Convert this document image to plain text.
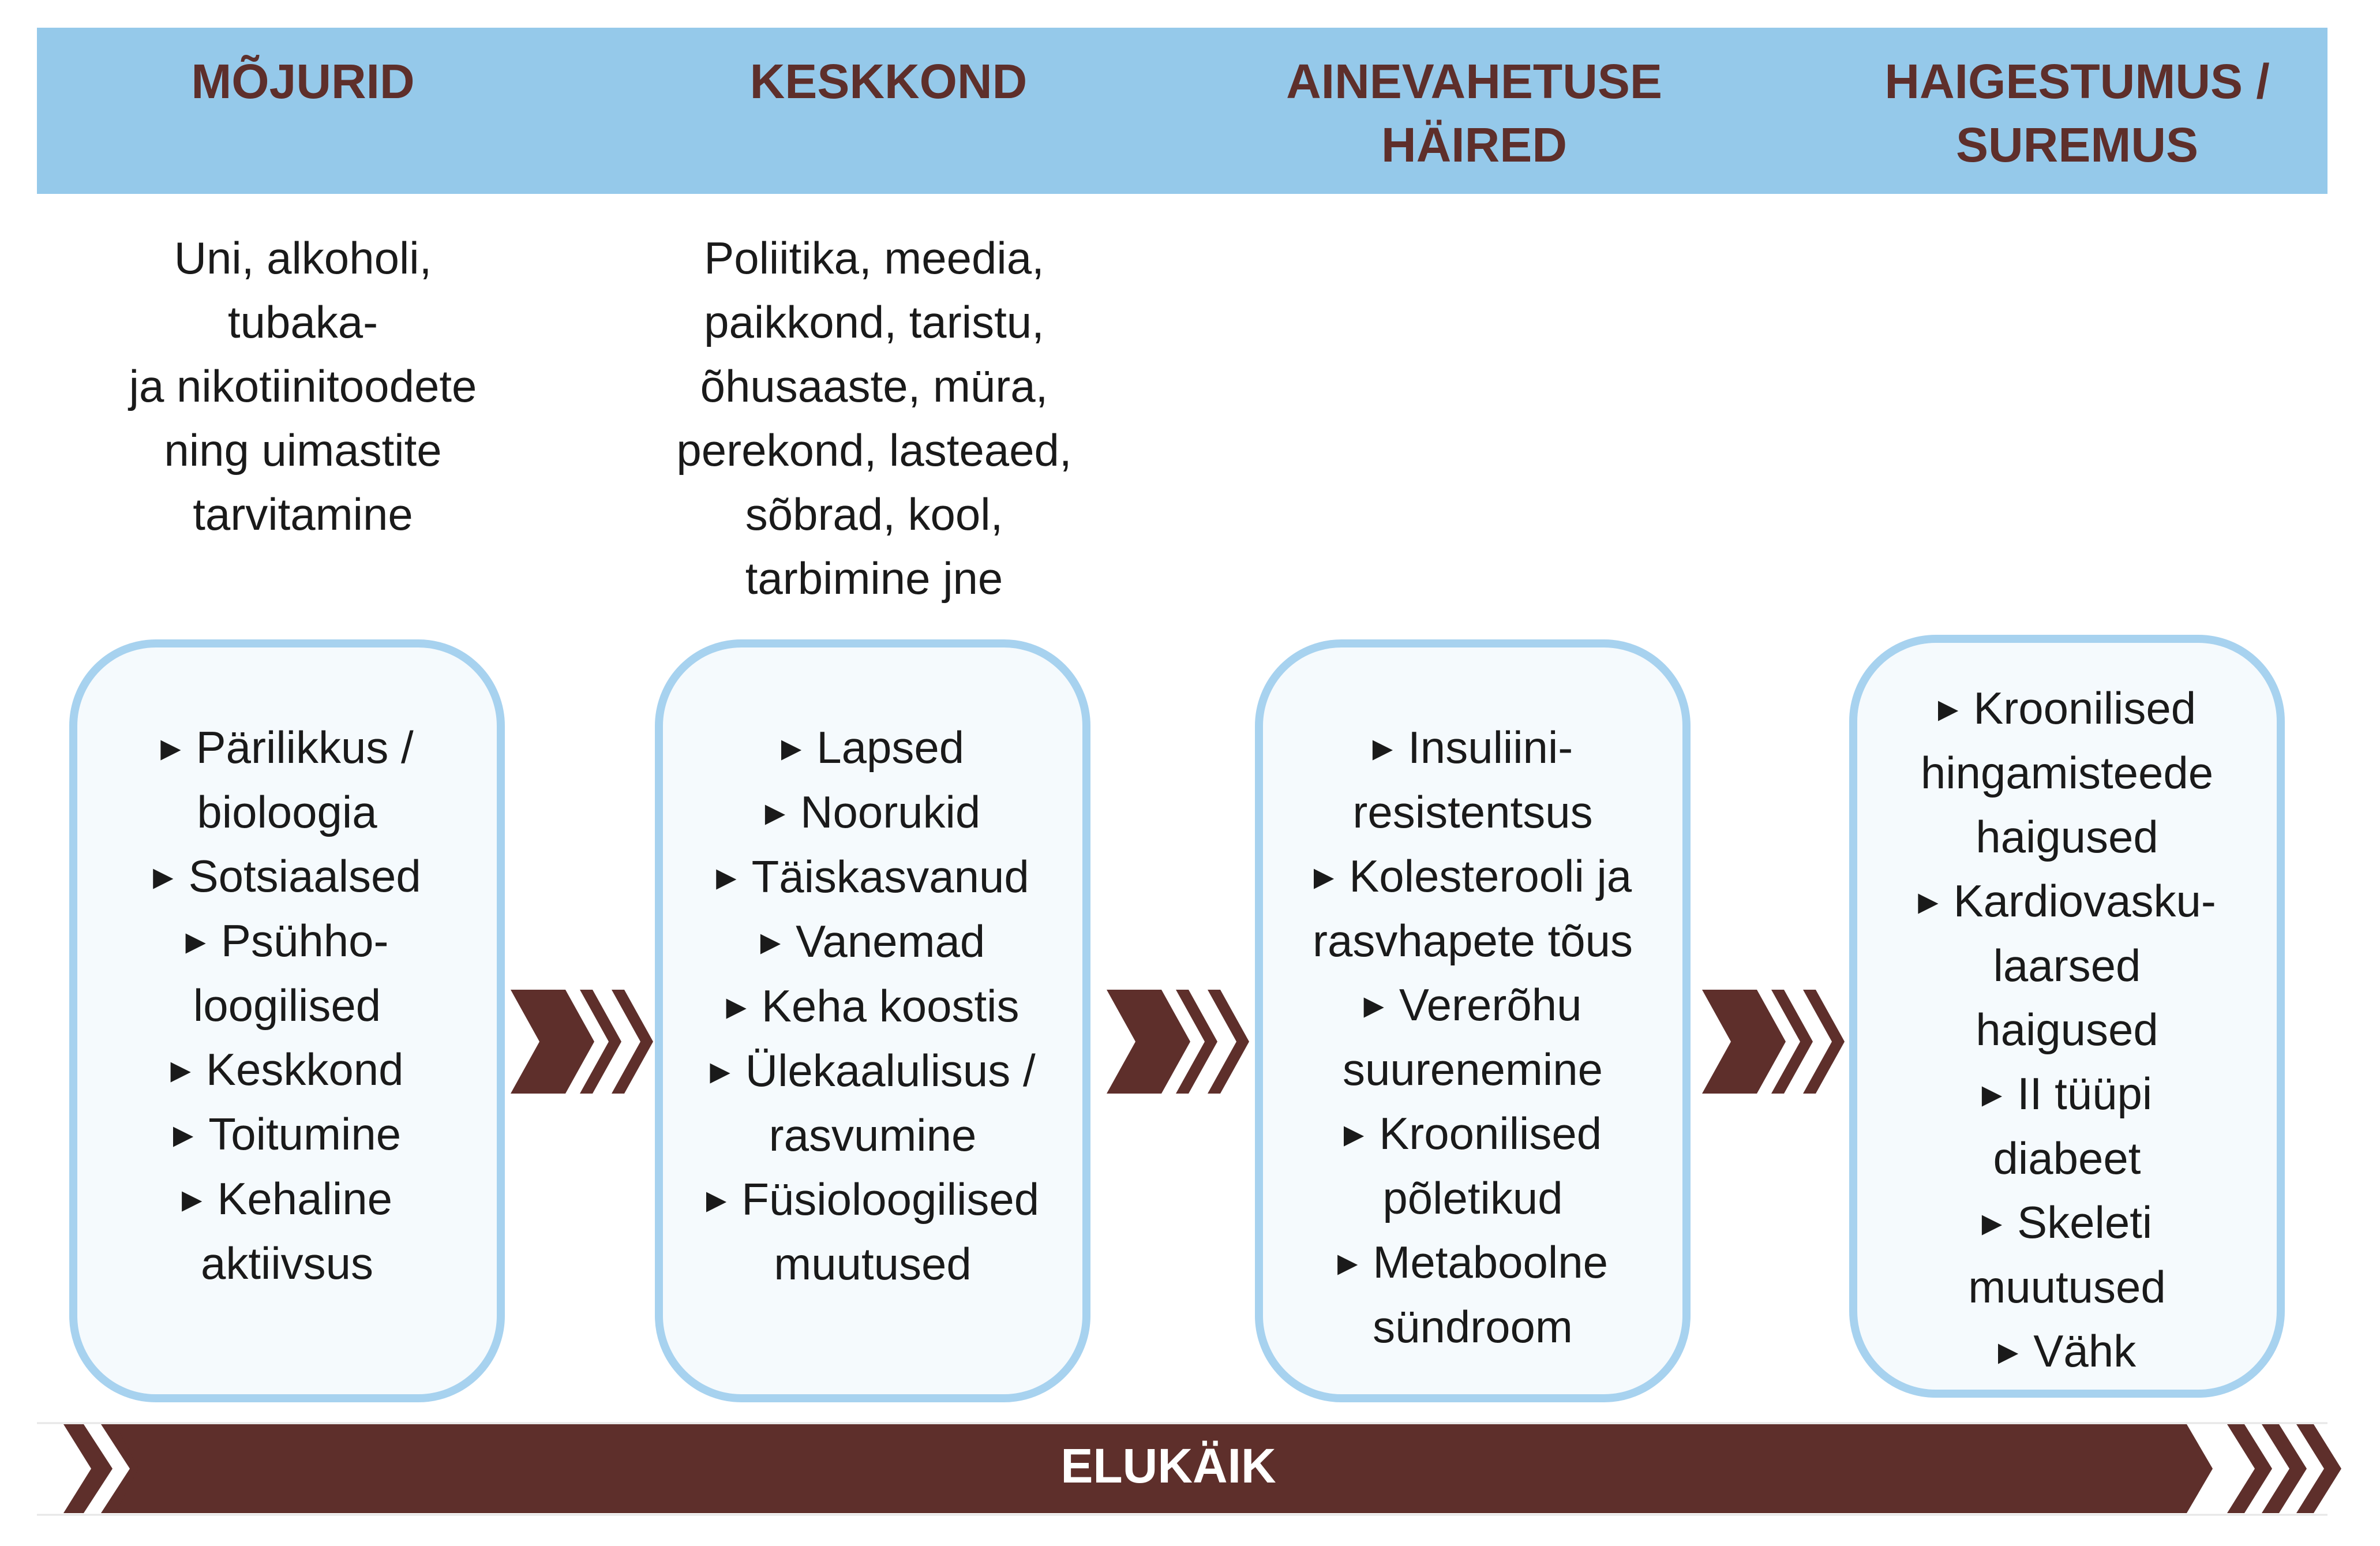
MÕJURID	KESKKOND	AINEVAHETUSE
HÄIRED
HAIGESTUMUS /
SUREMUS
Uni, alkoholi,
tubaka-
ja nikotiinitoodete
ning uimastite
tarvitamine
Poliitika, meedia,
paikkond, taristu,
õhusaaste, müra,
perekond, lasteaed,
sõbrad, kool,
tarbimine jne
▶ Pärilikkus /
bioloogia
▶ Sotsiaalsed
▶ Psühho-
loogilised
▶ Keskkond
▶ Toitumine
▶ Kehaline
aktiivsus
▶ Lapsed
▶ Noorukid
▶ Täiskasvanud
▶ Vanemad
▶ Keha koostis
▶ Ülekaalulisus /
rasvumine
▶ Füsioloogilised
muutused
▶ Insuliini-
resistentsus
▶ Kolesterooli ja
rasvhapete tõus
▶ Vererõhu
suurenemine
▶ Kroonilised
põletikud
▶ Metaboolne
sündroom
▶ Kroonilised
hingamisteede
haigused
▶ Kardiovasku-
laarsed
haigused
▶ II tüüpi
diabeet
▶ Skeleti
muutused
▶ Vähk
ELUKÄIK
